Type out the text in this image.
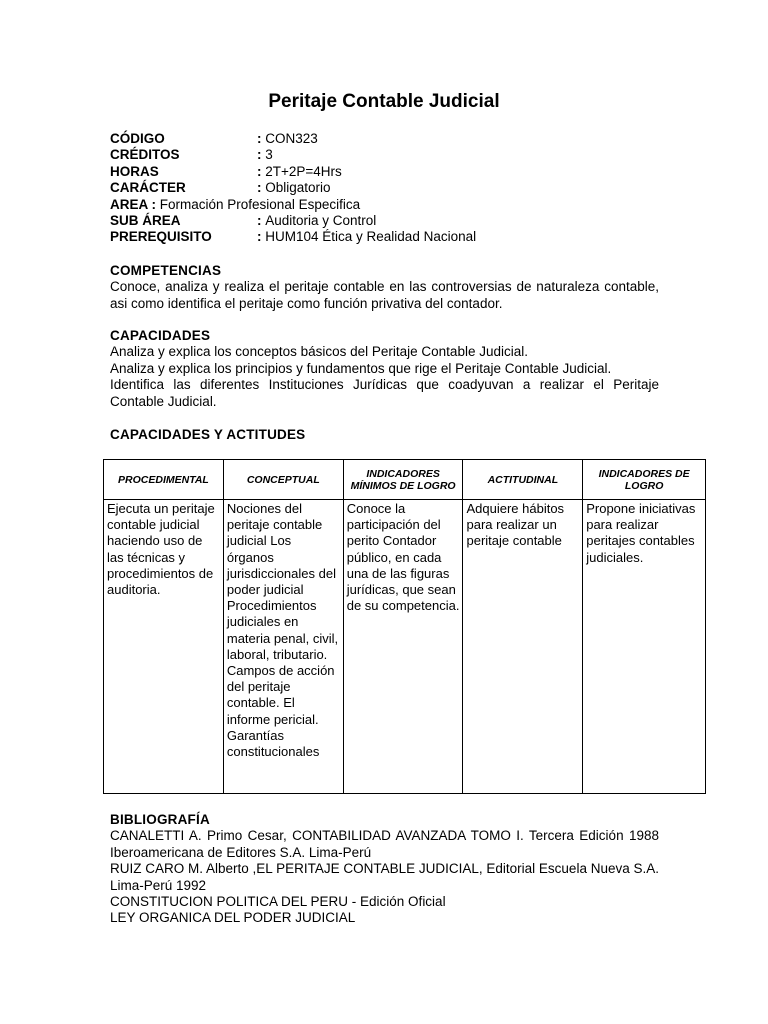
Peritaje Contable Judicial
CÓDIGO	: CON323
CRÉDITOS	: 3
HORAS	: 2T+2P=4Hrs
CARÁCTER	: Obligatorio
AREA : Formación Profesional Especifica
SUB ÁREA	: Auditoria y Control
PREREQUISITO	: HUM104 Ética y Realidad Nacional
COMPETENCIAS

Conoce, analiza y realiza el peritaje contable en las controversias de naturaleza contable, asi como identifica el peritaje como función privativa del contador.

CAPACIDADES
Analiza y explica los conceptos básicos del Peritaje Contable Judicial.
Analiza y explica los principios y fundamentos que rige el Peritaje Contable Judicial.
Identifica las diferentes Instituciones Jurídicas que coadyuvan a realizar el Peritaje Contable Judicial.
CAPACIDADES Y ACTITUDES
PROCEDIMENTAL	CONCEPTUAL	INDICADORES MÍNIMOS DE LOGRO	ACTITUDINAL	INDICADORES DE LOGRO
Ejecuta un peritaje contable judicial haciendo uso de las técnicas y procedimientos de auditoria.	Nociones del peritaje contable judicial Los órganos jurisdiccionales del poder judicial Procedimientos judiciales en materia penal, civil, laboral, tributario. Campos de acción del peritaje contable. El informe pericial. Garantías constitucionales	Conoce la participación del perito Contador público, en cada una de las figuras jurídicas, que sean de su competencia.	Adquiere hábitos para realizar un peritaje contable	Propone iniciativas para realizar peritajes contables judiciales.
BIBLIOGRAFÍA

CANALETTI A. Primo Cesar, CONTABILIDAD AVANZADA TOMO I. Tercera Edición 1988 Iberoamericana de Editores S.A. Lima-Perú

RUIZ CARO M. Alberto ,EL PERITAJE CONTABLE JUDICIAL, Editorial Escuela Nueva S.A. Lima-Perú 1992

CONSTITUCION POLITICA DEL PERU - Edición Oficial

LEY ORGANICA DEL PODER JUDICIAL
